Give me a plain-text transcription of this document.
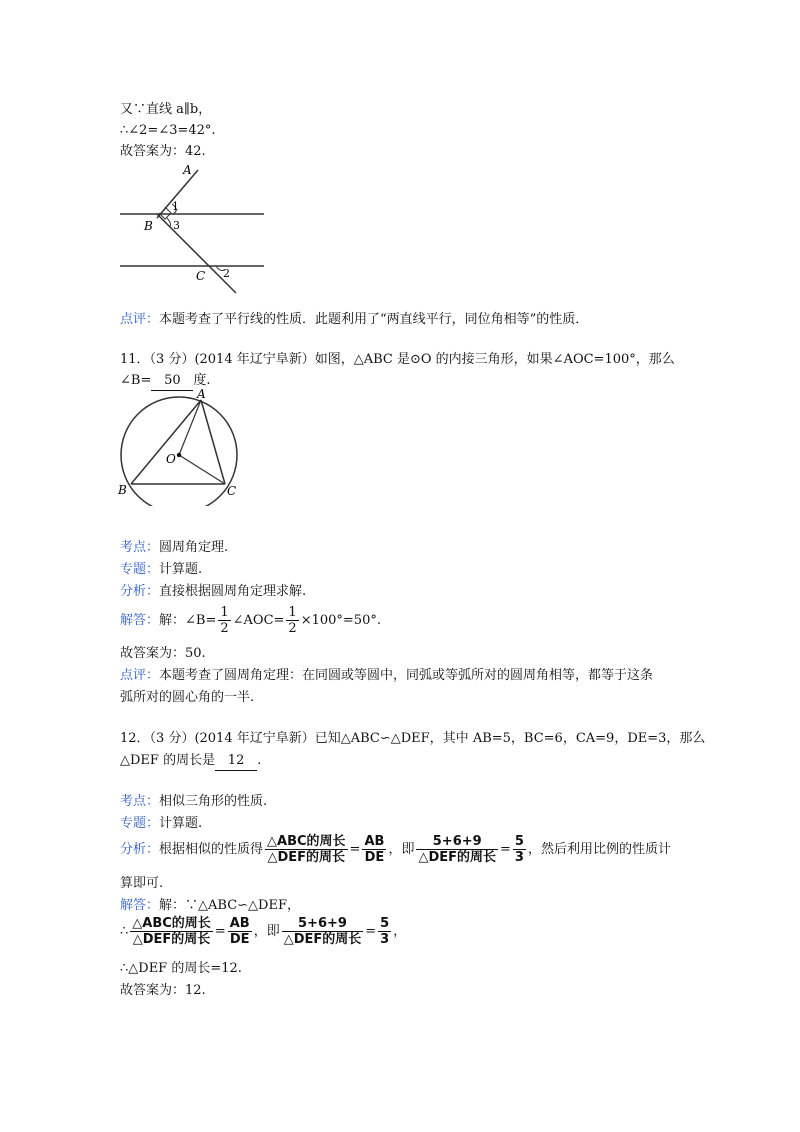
又∵直线 a∥b，
∴∠2=∠3=42°.
故答案为：42.
A
B
C
1
2
3
点评：本题考查了平行线的性质．此题利用了“两直线平行，同位角相等”的性质．
11．（3 分）(2014 年辽宁阜新）如图，△ABC 是⊙O 的内接三角形，如果∠AOC=100°，那么
∠B= 50 度.
A
B	C
O
考点：圆周角定理.
专题：计算题.
分析：直接根据圆周角定理求解.
解答：解：∠B= $\frac{1}{2}$ ∠AOC= $\frac{1}{2} \times 100^\circ=50^\circ$.
故答案为：50.
点评：本题考查了圆周角定理：在同圆或等圆中，同弧或等弧所对的圆周角相等，都等于这条
弧所对的圆心角的一半.
12．（3 分）(2014 年辽宁阜新）已知△ABC∽△DEF，其中 AB=5，BC=6，CA=9，DE=3，那么
△DEF 的周长是 12 .
考点：相似三角形的性质.
专题：计算题.
分析：根据相似的性质得 $\frac{\text{△ABC的周长}}{\text{△DEF的周长}} = \frac{AB}{DE}$ ，即 $\frac{5+6+9}{\text{△DEF的周长}} = \frac{5}{3}$ ，然后利用比例的性质计
算即可.
解答：解：∵△ABC∽△DEF，
∴ $\frac{\text{△ABC的周长}}{\text{△DEF的周长}} = \frac{AB}{DE}$ ，即 $\frac{5+6+9}{\text{△DEF的周长}} = \frac{5}{3}$ ，
∴△DEF 的周长=12.
故答案为：12.
